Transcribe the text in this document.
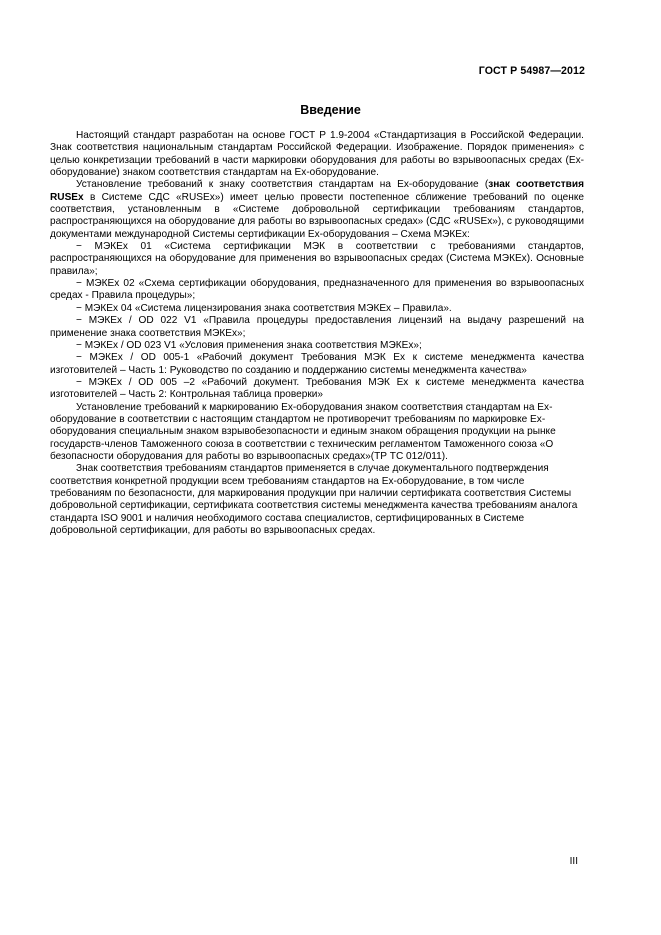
ГОСТ Р 54987—2012
Введение

Настоящий стандарт разработан на основе ГОСТ Р 1.9-2004 «Стандартизация в Российской Федерации. Знак соответствия национальным стандартам Российской Федерации. Изображение. Порядок применения» с целью конкретизации требований в части маркировки оборудования для работы во взрывоопасных средах (Ех-оборудование) знаком соответствия стандартам на Ех-оборудование.

Установление требований к знаку соответствия стандартам на Ех-оборудование (знак соответствия RUSEx в Системе СДС «RUSEx») имеет целью провести постепенное сближение требований по оценке соответствия, установленным в «Системе добровольной сертификации требованиям стандартов, распространяющихся на оборудование для работы во взрывоопасных средах» (СДС «RUSEx»), с руководящими документами международной Системы сертификации Ех-оборудования – Схема МЭКЕх:

− МЭКЕх 01 «Система сертификации МЭК в соответствии с требованиями стандартов, распространяющихся на оборудование для применения во взрывоопасных средах (Система МЭКЕх). Основные правила»;

− МЭКЕх 02 «Схема сертификации оборудования, предназначенного для применения во взрывоопасных средах - Правила процедуры»;

− МЭКЕх 04 «Система лицензирования знака соответствия МЭКЕх – Правила».

− МЭКЕх / OD 022 V1 «Правила процедуры предоставления лицензий на выдачу разрешений на применение знака соответствия МЭКЕх»;

− МЭКЕх / OD 023 V1 «Условия применения знака соответствия МЭКЕх»;

− МЭКЕх / OD 005-1 «Рабочий документ Требования МЭК Ех к системе менеджмента качества изготовителей – Часть 1: Руководство по созданию и поддержанию системы менеджмента качества»

− МЭКЕх / OD 005 –2 «Рабочий документ. Требования МЭК Ех к системе менеджмента качества изготовителей – Часть 2: Контрольная таблица проверки»

Установление требований к маркированию Ех-оборудования знаком соответствия стандартам на Ех-оборудование в соответствии с настоящим стандартом не противоречит требованиям по маркировке Ех-оборудования специальным знаком взрывобезопасности и единым знаком обращения продукции на рынке государств-членов Таможенного союза в соответствии с техническим регламентом Таможенного союза «О безопасности оборудования для работы во взрывоопасных средах»(ТР ТС 012/011).

Знак соответствия требованиям стандартов применяется в случае документального подтверждения соответствия конкретной продукции всем требованиям стандартов на Ех-оборудование, в том числе требованиям по безопасности, для маркирования продукции при наличии сертификата соответствия Системы добровольной сертификации, сертификата соответствия системы менеджмента качества требованиям аналога стандарта ISO 9001 и наличия необходимого состава специалистов, сертифицированных в Системе добровольной сертификации, для работы во взрывоопасных средах.

III
